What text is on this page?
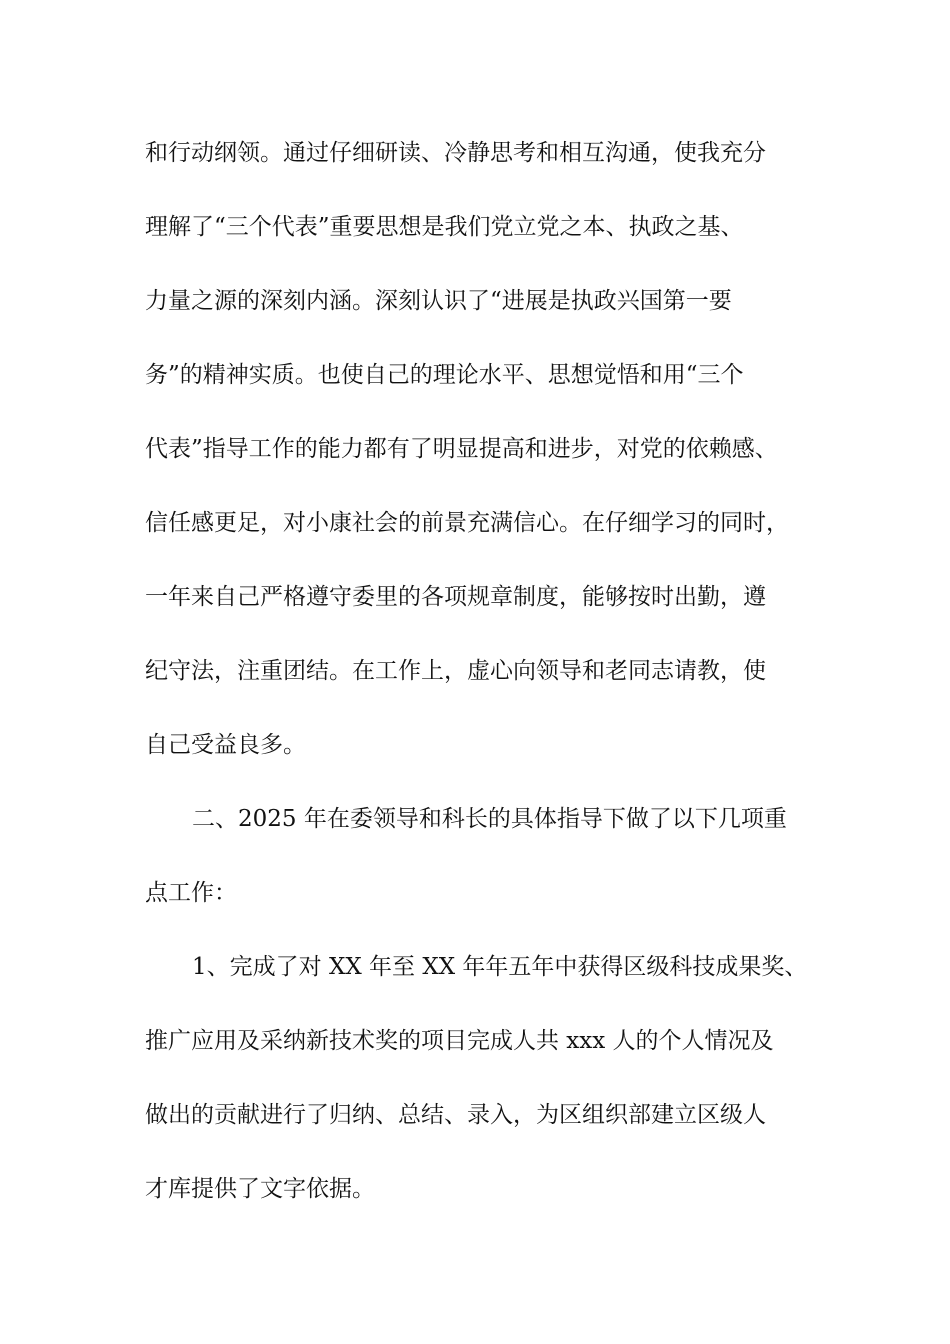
和行动纲领。通过仔细研读、冷静思考和相互沟通，使我充分
理解了“三个代表”重要思想是我们党立党之本、执政之基、
力量之源的深刻内涵。深刻认识了“进展是执政兴国第一要
务”的精神实质。也使自己的理论水平、思想觉悟和用“三个
代表”指导工作的能力都有了明显提高和进步，对党的依赖感、
信任感更足，对小康社会的前景充满信心。在仔细学习的同时，
一年来自己严格遵守委里的各项规章制度，能够按时出勤，遵
纪守法，注重团结。在工作上，虚心向领导和老同志请教，使
自己受益良多。
二、2025 年在委领导和科长的具体指导下做了以下几项重
点工作：
1、完成了对 XX 年至 XX 年年五年中获得区级科技成果奖、
推广应用及采纳新技术奖的项目完成人共 xxx 人的个人情况及
做出的贡献进行了归纳、总结、录入，为区组织部建立区级人
才库提供了文字依据。
